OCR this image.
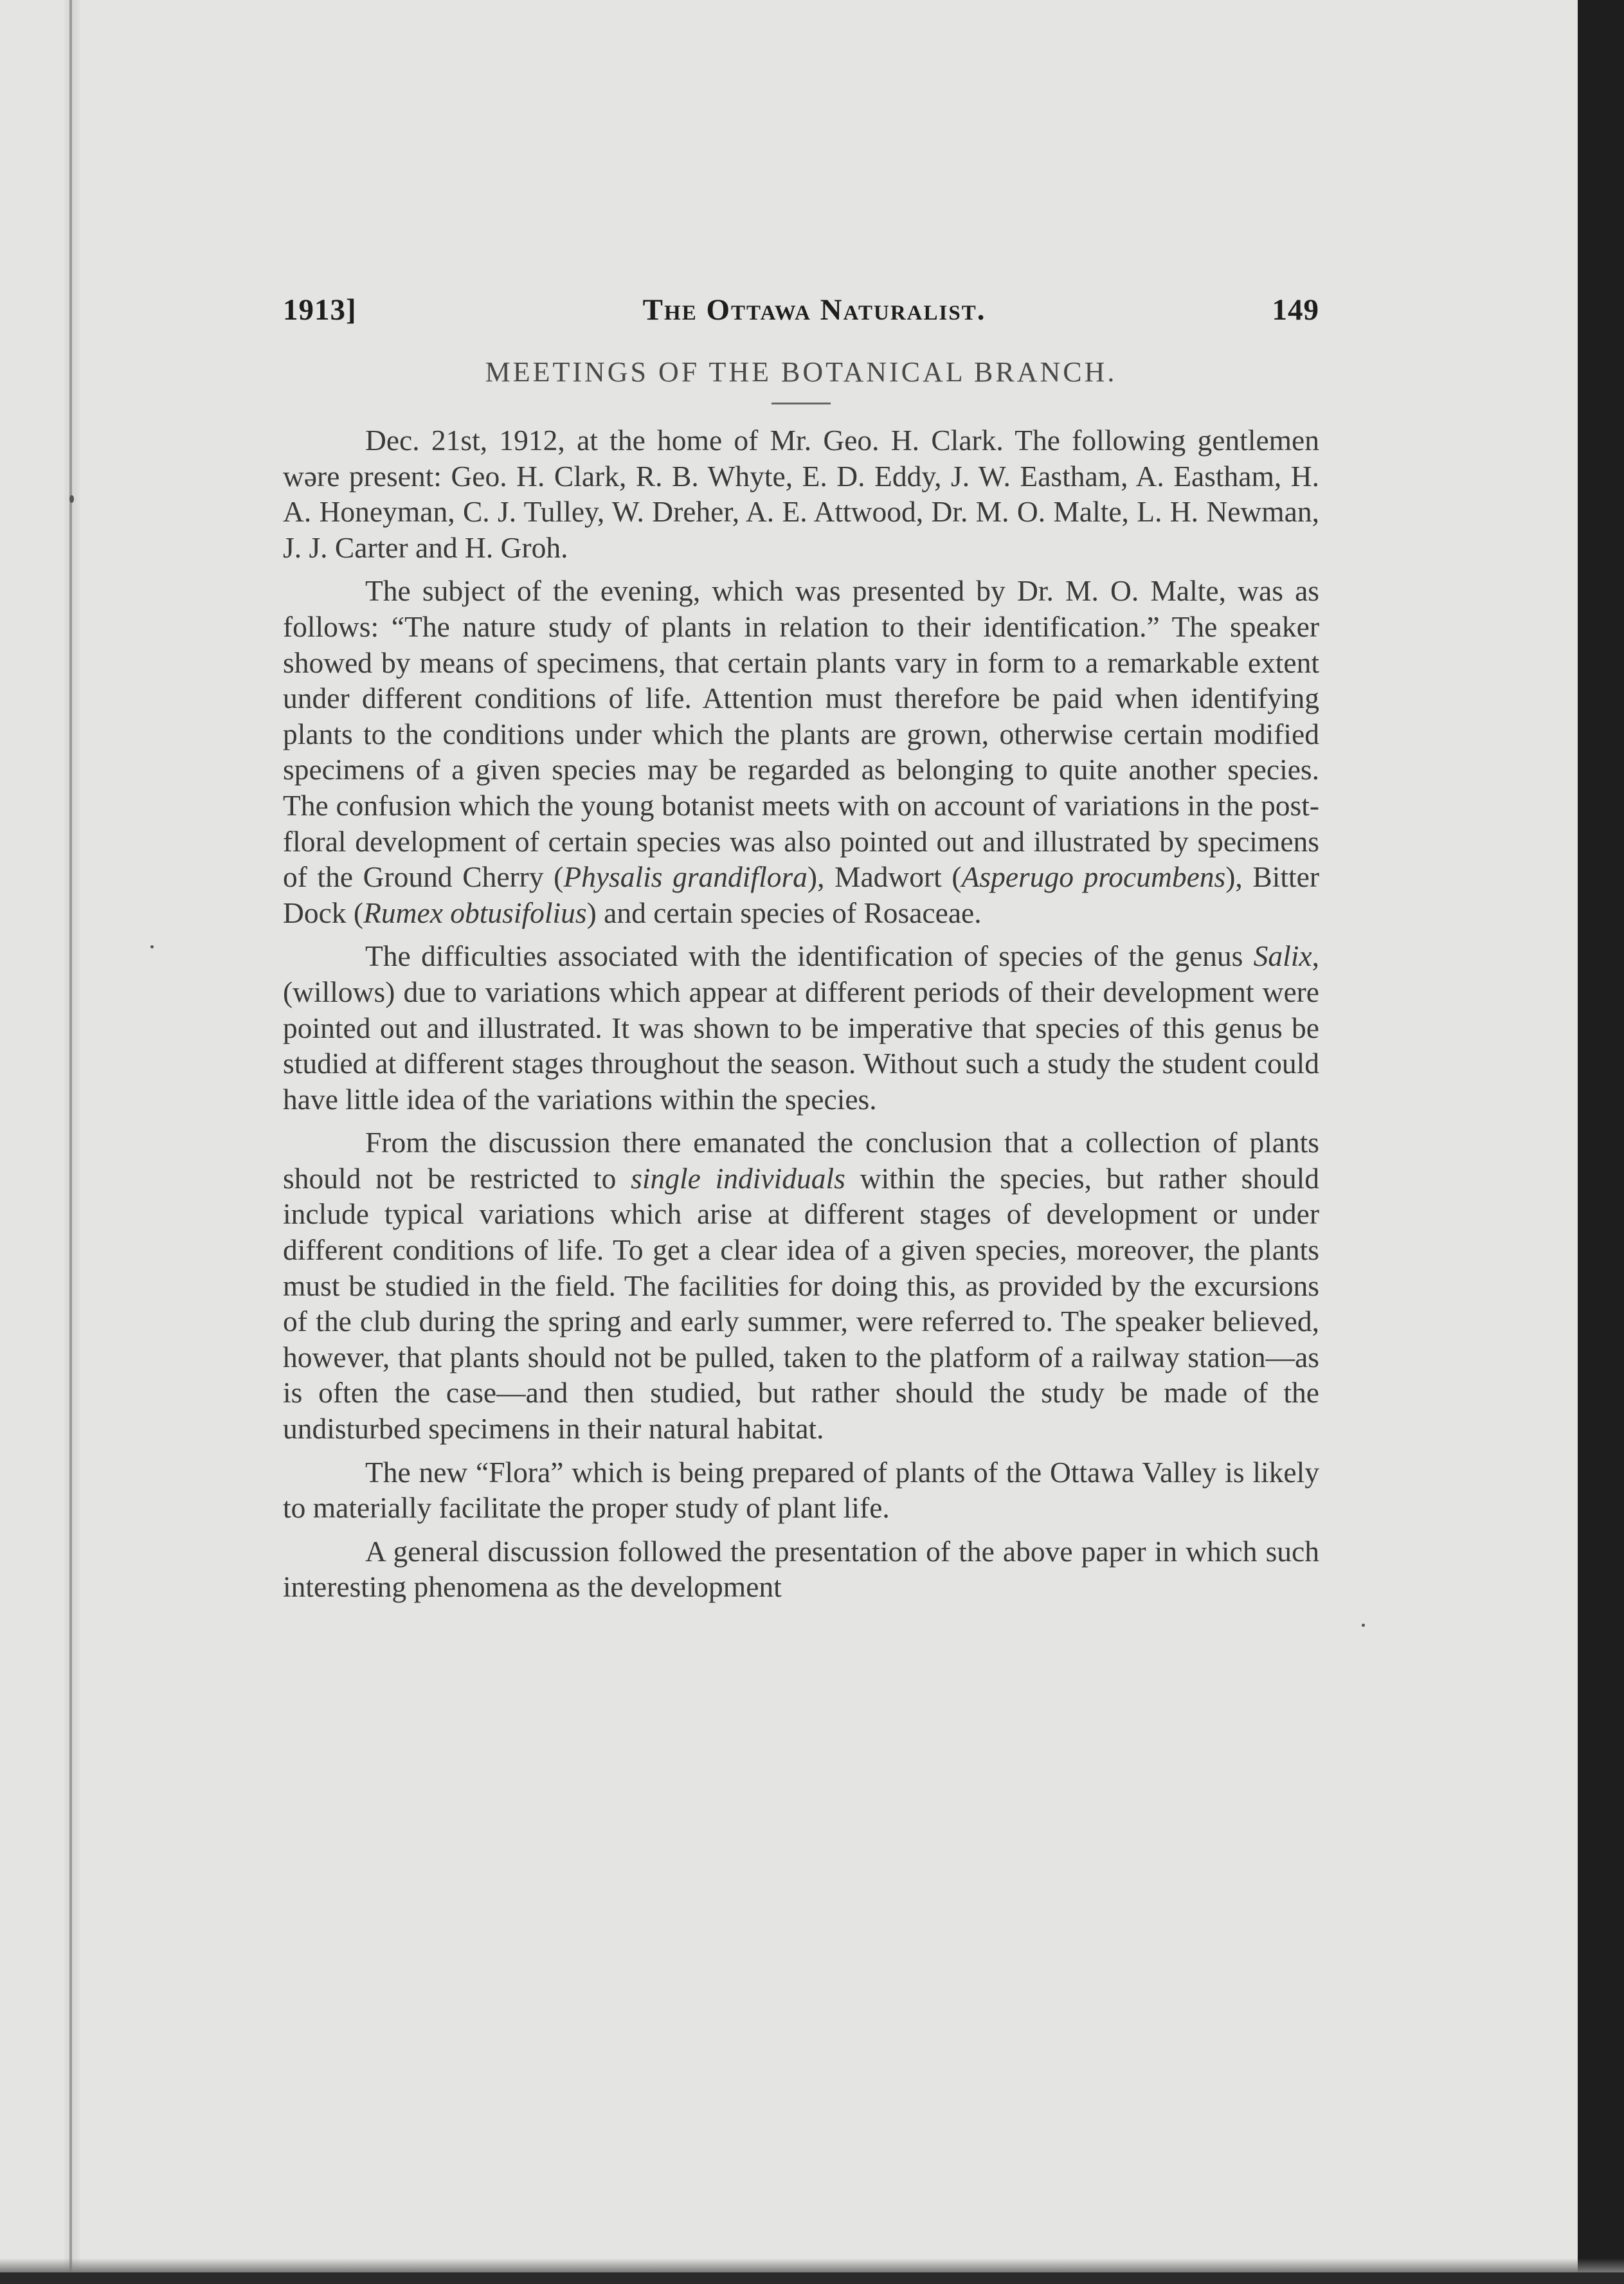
1913]	The Ottawa Naturalist.	149
MEETINGS OF THE BOTANICAL BRANCH.

Dec. 21st, 1912, at the home of Mr. Geo. H. Clark. The following gentlemen wəre present: Geo. H. Clark, R. B. Whyte, E. D. Eddy, J. W. Eastham, A. Eastham, H. A. Honeyman, C. J. Tulley, W. Dreher, A. E. Attwood, Dr. M. O. Malte, L. H. Newman, J. J. Carter and H. Groh.

The subject of the evening, which was presented by Dr. M. O. Malte, was as follows: “The nature study of plants in relation to their identification.” The speaker showed by means of specimens, that certain plants vary in form to a remarkable extent under different conditions of life. Attention must therefore be paid when identifying plants to the conditions under which the plants are grown, otherwise certain modified specimens of a given species may be regarded as belonging to quite another species. The confusion which the young botanist meets with on account of variations in the post-floral development of certain species was also pointed out and illustrated by specimens of the Ground Cherry (Physalis grandiflora), Madwort (Asperugo procumbens), Bitter Dock (Rumex obtusifolius) and certain species of Rosaceae.

The difficulties associated with the identification of species of the genus Salix, (willows) due to variations which appear at different periods of their development were pointed out and illustrated. It was shown to be imperative that species of this genus be studied at different stages throughout the season. Without such a study the student could have little idea of the variations within the species.

From the discussion there emanated the conclusion that a collection of plants should not be restricted to single individuals within the species, but rather should include typical variations which arise at different stages of development or under different conditions of life. To get a clear idea of a given species, moreover, the plants must be studied in the field. The facilities for doing this, as provided by the excursions of the club during the spring and early summer, were referred to. The speaker believed, however, that plants should not be pulled, taken to the platform of a railway station—as is often the case—and then studied, but rather should the study be made of the undisturbed specimens in their natural habitat.

The new “Flora” which is being prepared of plants of the Ottawa Valley is likely to materially facilitate the proper study of plant life.

A general discussion followed the presentation of the above paper in which such interesting phenomena as the development
